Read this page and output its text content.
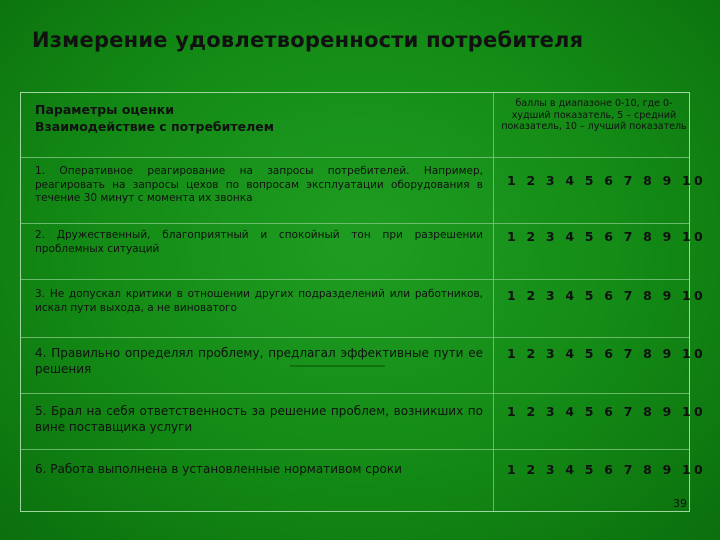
Измерение удовлетворенности потребителя
Параметры оценки
Взаимодействие с потребителем
баллы в диапазоне 0-10, где 0-худший показатель, 5 – средний показатель, 10 – лучший показатель
1. Оперативное реагирование на запросы потребителей. Например, реагировать на запросы цехов по вопросам эксплуатации оборудования в течение 30 минут с момента их звонка
1 2 3 4 5 6 7 8 9 10
2. Дружественный, благоприятный и спокойный тон при разрешении проблемных ситуаций
1 2 3 4 5 6 7 8 9 10
3. Не допускал критики в отношении других подразделений или работников, искал пути выхода, а не виноватого
1 2 3 4 5 6 7 8 9 10
4. Правильно определял проблему, предлагал эффективные пути ее решения
1 2 3 4 5 6 7 8 9 10
5. Брал на себя ответственность за решение проблем, возникших по вине поставщика услуги
1 2 3 4 5 6 7 8 9 10
6. Работа выполнена в установленные нормативом сроки	1 2 3 4 5 6 7 8 9 10
39
